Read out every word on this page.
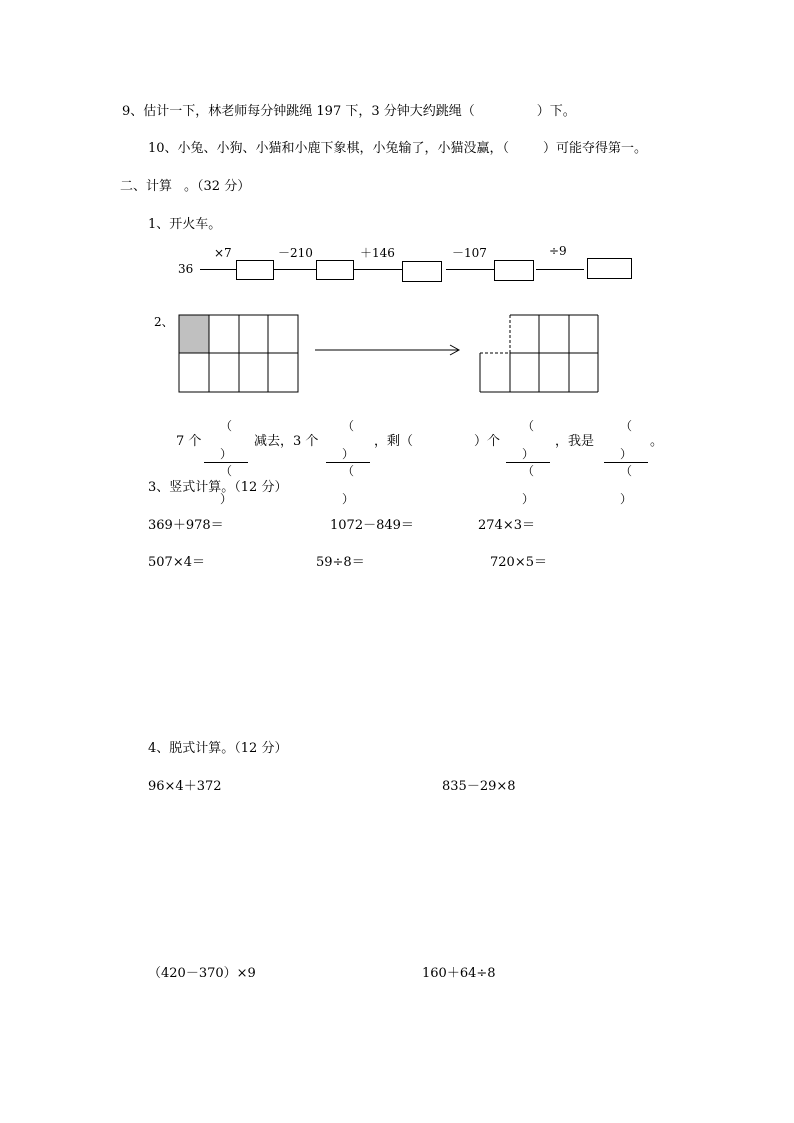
9、估计一下，林老师每分钟跳绳 197 下，3 分钟大约跳绳（	）下。
10、小兔、小狗、小猫和小鹿下象棋，小兔输了，小猫没赢，（	）可能夺得第一。
二、计算 。（32 分）
1、开火车。
36
×7	－210	＋146	－107	÷9
2、
7 个
（

）
（

）
减去，3 个
（

）
（

）
，剩（	）个
（

）
（

）
，我是
（

）
（

）
。
3、竖式计算。（12 分）
369＋978＝	1072－849＝	274×3＝
507×4＝	59÷8＝	720×5＝
4、脱式计算。（12 分）
96×4＋372	835－29×8
（420－370）×9	160＋64÷8
